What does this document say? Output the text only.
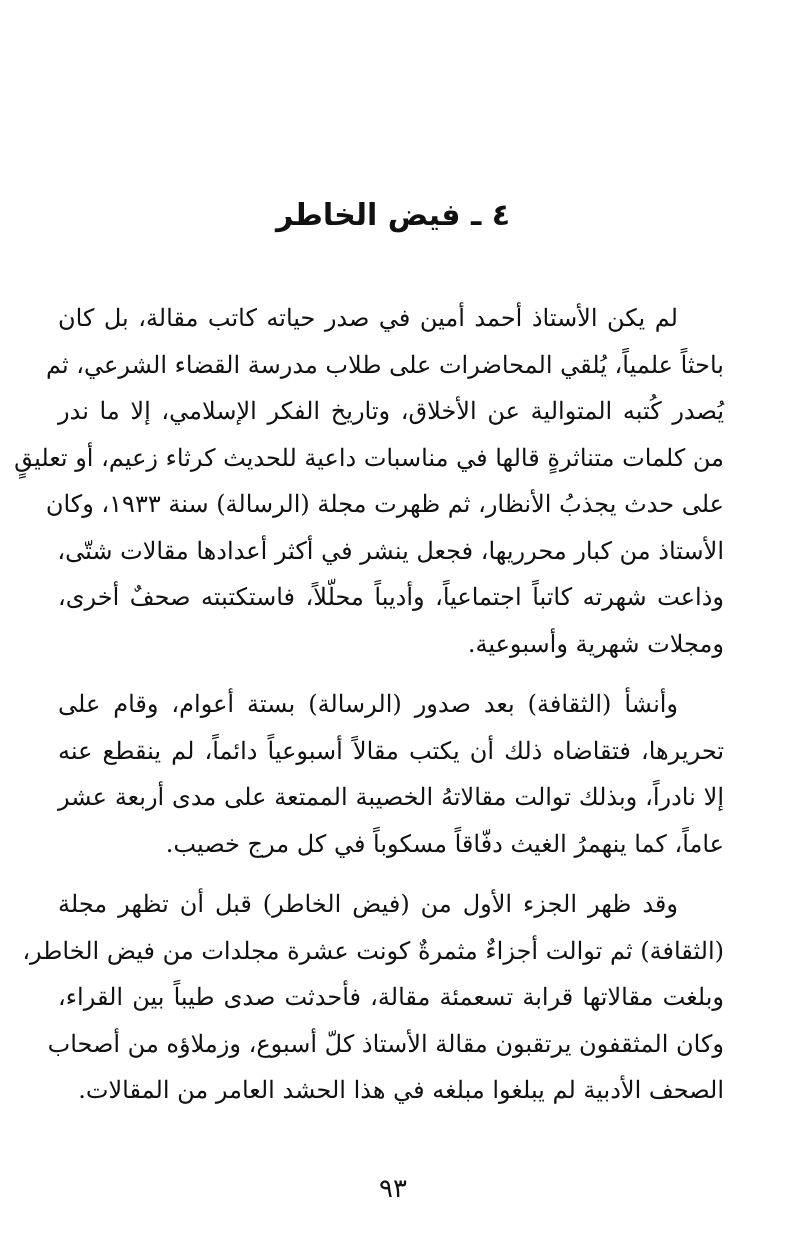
٤ ـ فيض الخاطر

لم يكن الأستاذ أحمد أمين في صدر حياته كاتب مقالة، بل كان
باحثاً علمياً، يُلقي المحاضرات على طلاب مدرسة القضاء الشرعي، ثم
يُصدر كُتبه المتوالية عن الأخلاق، وتاريخ الفكر الإسلامي، إلا ما ندر
من كلمات متناثرةٍ قالها في مناسبات داعية للحديث كرثاء زعيم، أو تعليقٍ
على حدث يجذبُ الأنظار، ثم ظهرت مجلة (الرسالة) سنة ١٩٣٣، وكان
الأستاذ من كبار محرريها، فجعل ينشر في أكثر أعدادها مقالات شتّى،
وذاعت شهرته كاتباً اجتماعياً، وأديباً محلّلاً، فاستكتبته صحفٌ أخرى،
ومجلات شهرية وأسبوعية.

وأنشأ (الثقافة) بعد صدور (الرسالة) بستة أعوام، وقام على
تحريرها، فتقاضاه ذلك أن يكتب مقالاً أسبوعياً دائماً، لم ينقطع عنه
إلا نادراً، وبذلك توالت مقالاتهُ الخصيبة الممتعة على مدى أربعة عشر
عاماً، كما ينهمرُ الغيث دفّاقاً مسكوباً في كل مرج خصيب.

وقد ظهر الجزء الأول من (فيض الخاطر) قبل أن تظهر مجلة
(الثقافة) ثم توالت أجزاءٌ مثمرةٌ كونت عشرة مجلدات من فيض الخاطر،
وبلغت مقالاتها قرابة تسعمئة مقالة، فأحدثت صدى طيباً بين القراء،
وكان المثقفون يرتقبون مقالة الأستاذ كلّ أسبوع، وزملاؤه من أصحاب
الصحف الأدبية لم يبلغوا مبلغه في هذا الحشد العامر من المقالات.

٩٣
